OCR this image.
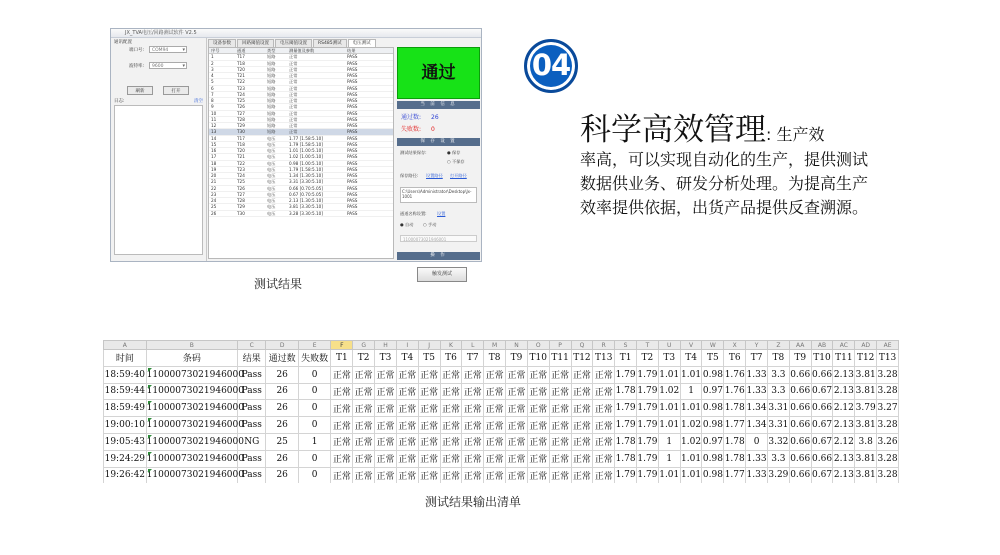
JX_TVA电压/回路测试软件 V2.5
通讯配置
端口号:	COM94 ▾
波特率:	9600 ▾
刷新	打开
日志:	清空
设备参数	回路阈值设置	电压阈值设置	RS485测试	电压测试
序号	通道	类型	测量值及参数	结果
1	T17	短路	正常	PASS
2	T18	短路	正常	PASS
3	T20	短路	正常	PASS
4	T21	短路	正常	PASS
5	T22	短路	正常	PASS
6	T23	短路	正常	PASS
7	T24	短路	正常	PASS
8	T25	短路	正常	PASS
9	T26	短路	正常	PASS
10	T27	短路	正常	PASS
11	T28	短路	正常	PASS
12	T29	短路	正常	PASS
13	T30	短路	正常	PASS
14	T17	电压	1.77 [1.58:5.10]	PASS
15	T18	电压	1.79 [1.58:5.10]	PASS
16	T20	电压	1.01 [1.00:5.10]	PASS
17	T21	电压	1.02 [1.00:5.10]	PASS
18	T22	电压	0.98 [1.00:5.10]	PASS
19	T23	电压	1.79 [1.58:5.10]	PASS
20	T24	电压	1.34 [1.30:5.10]	PASS
21	T25	电压	3.31 [3.30:5.10]	PASS
22	T26	电压	0.66 [0.70:5.05]	PASS
23	T27	电压	0.67 [0.70:5.05]	PASS
24	T28	电压	2.13 [1.30:5.10]	PASS
25	T29	电压	3.81 [3.30:5.10]	PASS
26	T30	电压	3.28 [3.30:5.10]	PASS
通过
当 前 信 息
通过数: 26
失败数: 0
保 存 设 置
测试结果保存:	● 保存
○ 不保存
保存路径: 设置路径 打开路径
C:\Users\Administrator\Desktop\Jx-1001
通道名称设置: 设置
● 自动 ○ 手动
11000073021946001
操 作
触发测试
测试结果
04
科学高效管理: 生产效
率高，可以实现自动化的生产，提供测试数据供业务、研发分析处理。为提高生产效率提供依据，出货产品提供反查溯源。
A	B	C	D	E	F	G	H	I	J	K	L	M	N	O	P	Q	R	S	T	U	V	W	X	Y	Z	AA	AB	AC	AD	AE
时间	条码	结果	通过数	失败数	T1	T2	T3	T4	T5	T6	T7	T8	T9	T10	T11	T12	T13	T1	T2	T3	T4	T5	T6	T7	T8	T9	T10	T11	T12	T13
18:59:40	11000073021946000	Pass	26	0	正常	正常	正常	正常	正常	正常	正常	正常	正常	正常	正常	正常	正常	1.79	1.79	1.01	1.01	0.98	1.76	1.33	3.3	0.66	0.66	2.13	3.81	3.28
18:59:44	11000073021946000	Pass	26	0	正常	正常	正常	正常	正常	正常	正常	正常	正常	正常	正常	正常	正常	1.78	1.79	1.02	1	0.97	1.76	1.33	3.3	0.66	0.67	2.13	3.81	3.28
18:59:49	11000073021946000	Pass	26	0	正常	正常	正常	正常	正常	正常	正常	正常	正常	正常	正常	正常	正常	1.79	1.79	1.01	1.01	0.98	1.78	1.34	3.31	0.66	0.66	2.12	3.79	3.27
19:00:10	11000073021946000	Pass	26	0	正常	正常	正常	正常	正常	正常	正常	正常	正常	正常	正常	正常	正常	1.79	1.79	1.01	1.02	0.98	1.77	1.34	3.31	0.66	0.67	2.13	3.81	3.28
19:05:43	11000073021946000	NG	25	1	正常	正常	正常	正常	正常	正常	正常	正常	正常	正常	正常	正常	正常	1.78	1.79	1	1.02	0.97	1.78	0	3.32	0.66	0.67	2.12	3.8	3.26
19:24:29	11000073021946000	Pass	26	0	正常	正常	正常	正常	正常	正常	正常	正常	正常	正常	正常	正常	正常	1.78	1.79	1	1.01	0.98	1.78	1.33	3.3	0.66	0.66	2.13	3.81	3.28
19:26:42	11000073021946000	Pass	26	0	正常	正常	正常	正常	正常	正常	正常	正常	正常	正常	正常	正常	正常	1.79	1.79	1.01	1.01	0.98	1.77	1.33	3.29	0.66	0.67	2.13	3.81	3.28
测试结果输出清单
